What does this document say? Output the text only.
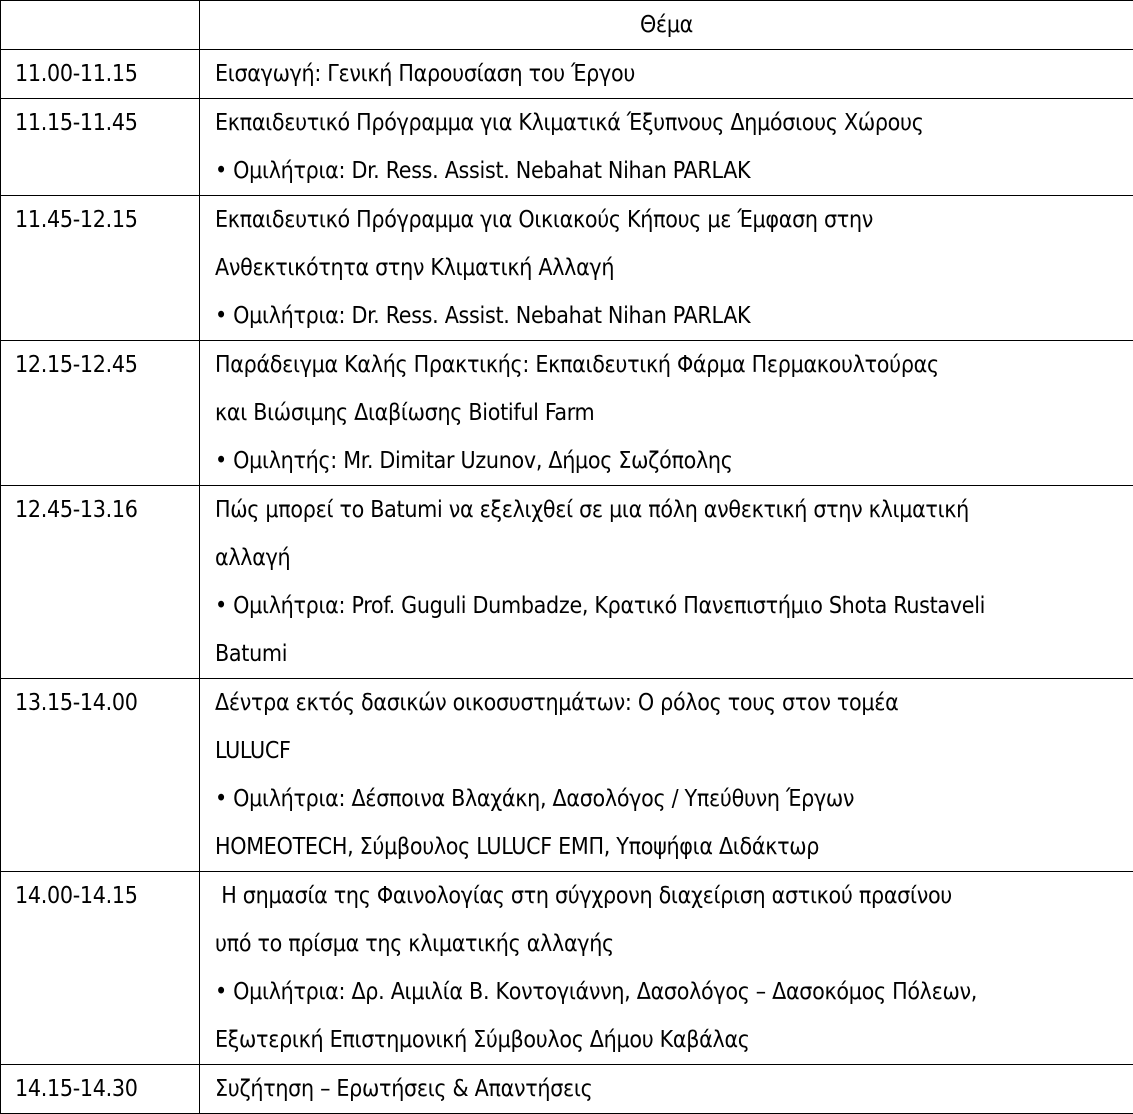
	Θέμα

11.00-11.15	Εισαγωγή: Γενική Παρουσίαση του Έργου

11.15-11.45	Εκπαιδευτικό Πρόγραμμα για Κλιματικά Έξυπνους Δημόσιους Χώρους
• Ομιλήτρια: Dr. Ress. Assist. Nebahat Nihan PARLAK

11.45-12.15	Εκπαιδευτικό Πρόγραμμα για Οικιακούς Κήπους με Έμφαση στην
Ανθεκτικότητα στην Κλιματική Αλλαγή
• Ομιλήτρια: Dr. Ress. Assist. Nebahat Nihan PARLAK

12.15-12.45	Παράδειγμα Καλής Πρακτικής: Εκπαιδευτική Φάρμα Περμακουλτούρας
και Βιώσιμης Διαβίωσης Biotiful Farm
• Ομιλητής: Mr. Dimitar Uzunov, Δήμος Σωζόπολης

12.45-13.16	Πώς μπορεί το Batumi να εξελιχθεί σε μια πόλη ανθεκτική στην κλιματική
αλλαγή
• Ομιλήτρια: Prof. Guguli Dumbadze, Κρατικό Πανεπιστήμιο Shota Rustaveli
Batumi

13.15-14.00	Δέντρα εκτός δασικών οικοσυστημάτων: Ο ρόλος τους στον τομέα
LULUCF
• Ομιλήτρια: Δέσποινα Βλαχάκη, Δασολόγος / Υπεύθυνη Έργων
HOMEOTECH, Σύμβουλος LULUCF ΕΜΠ, Υποψήφια Διδάκτωρ

14.00-14.15	Η σημασία της Φαινολογίας στη σύγχρονη διαχείριση αστικού πρασίνου
υπό το πρίσμα της κλιματικής αλλαγής
• Ομιλήτρια: Δρ. Αιμιλία Β. Κοντογιάννη, Δασολόγος – Δασοκόμος Πόλεων,
Εξωτερική Επιστημονική Σύμβουλος Δήμου Καβάλας

14.15-14.30	Συζήτηση – Ερωτήσεις & Απαντήσεις
